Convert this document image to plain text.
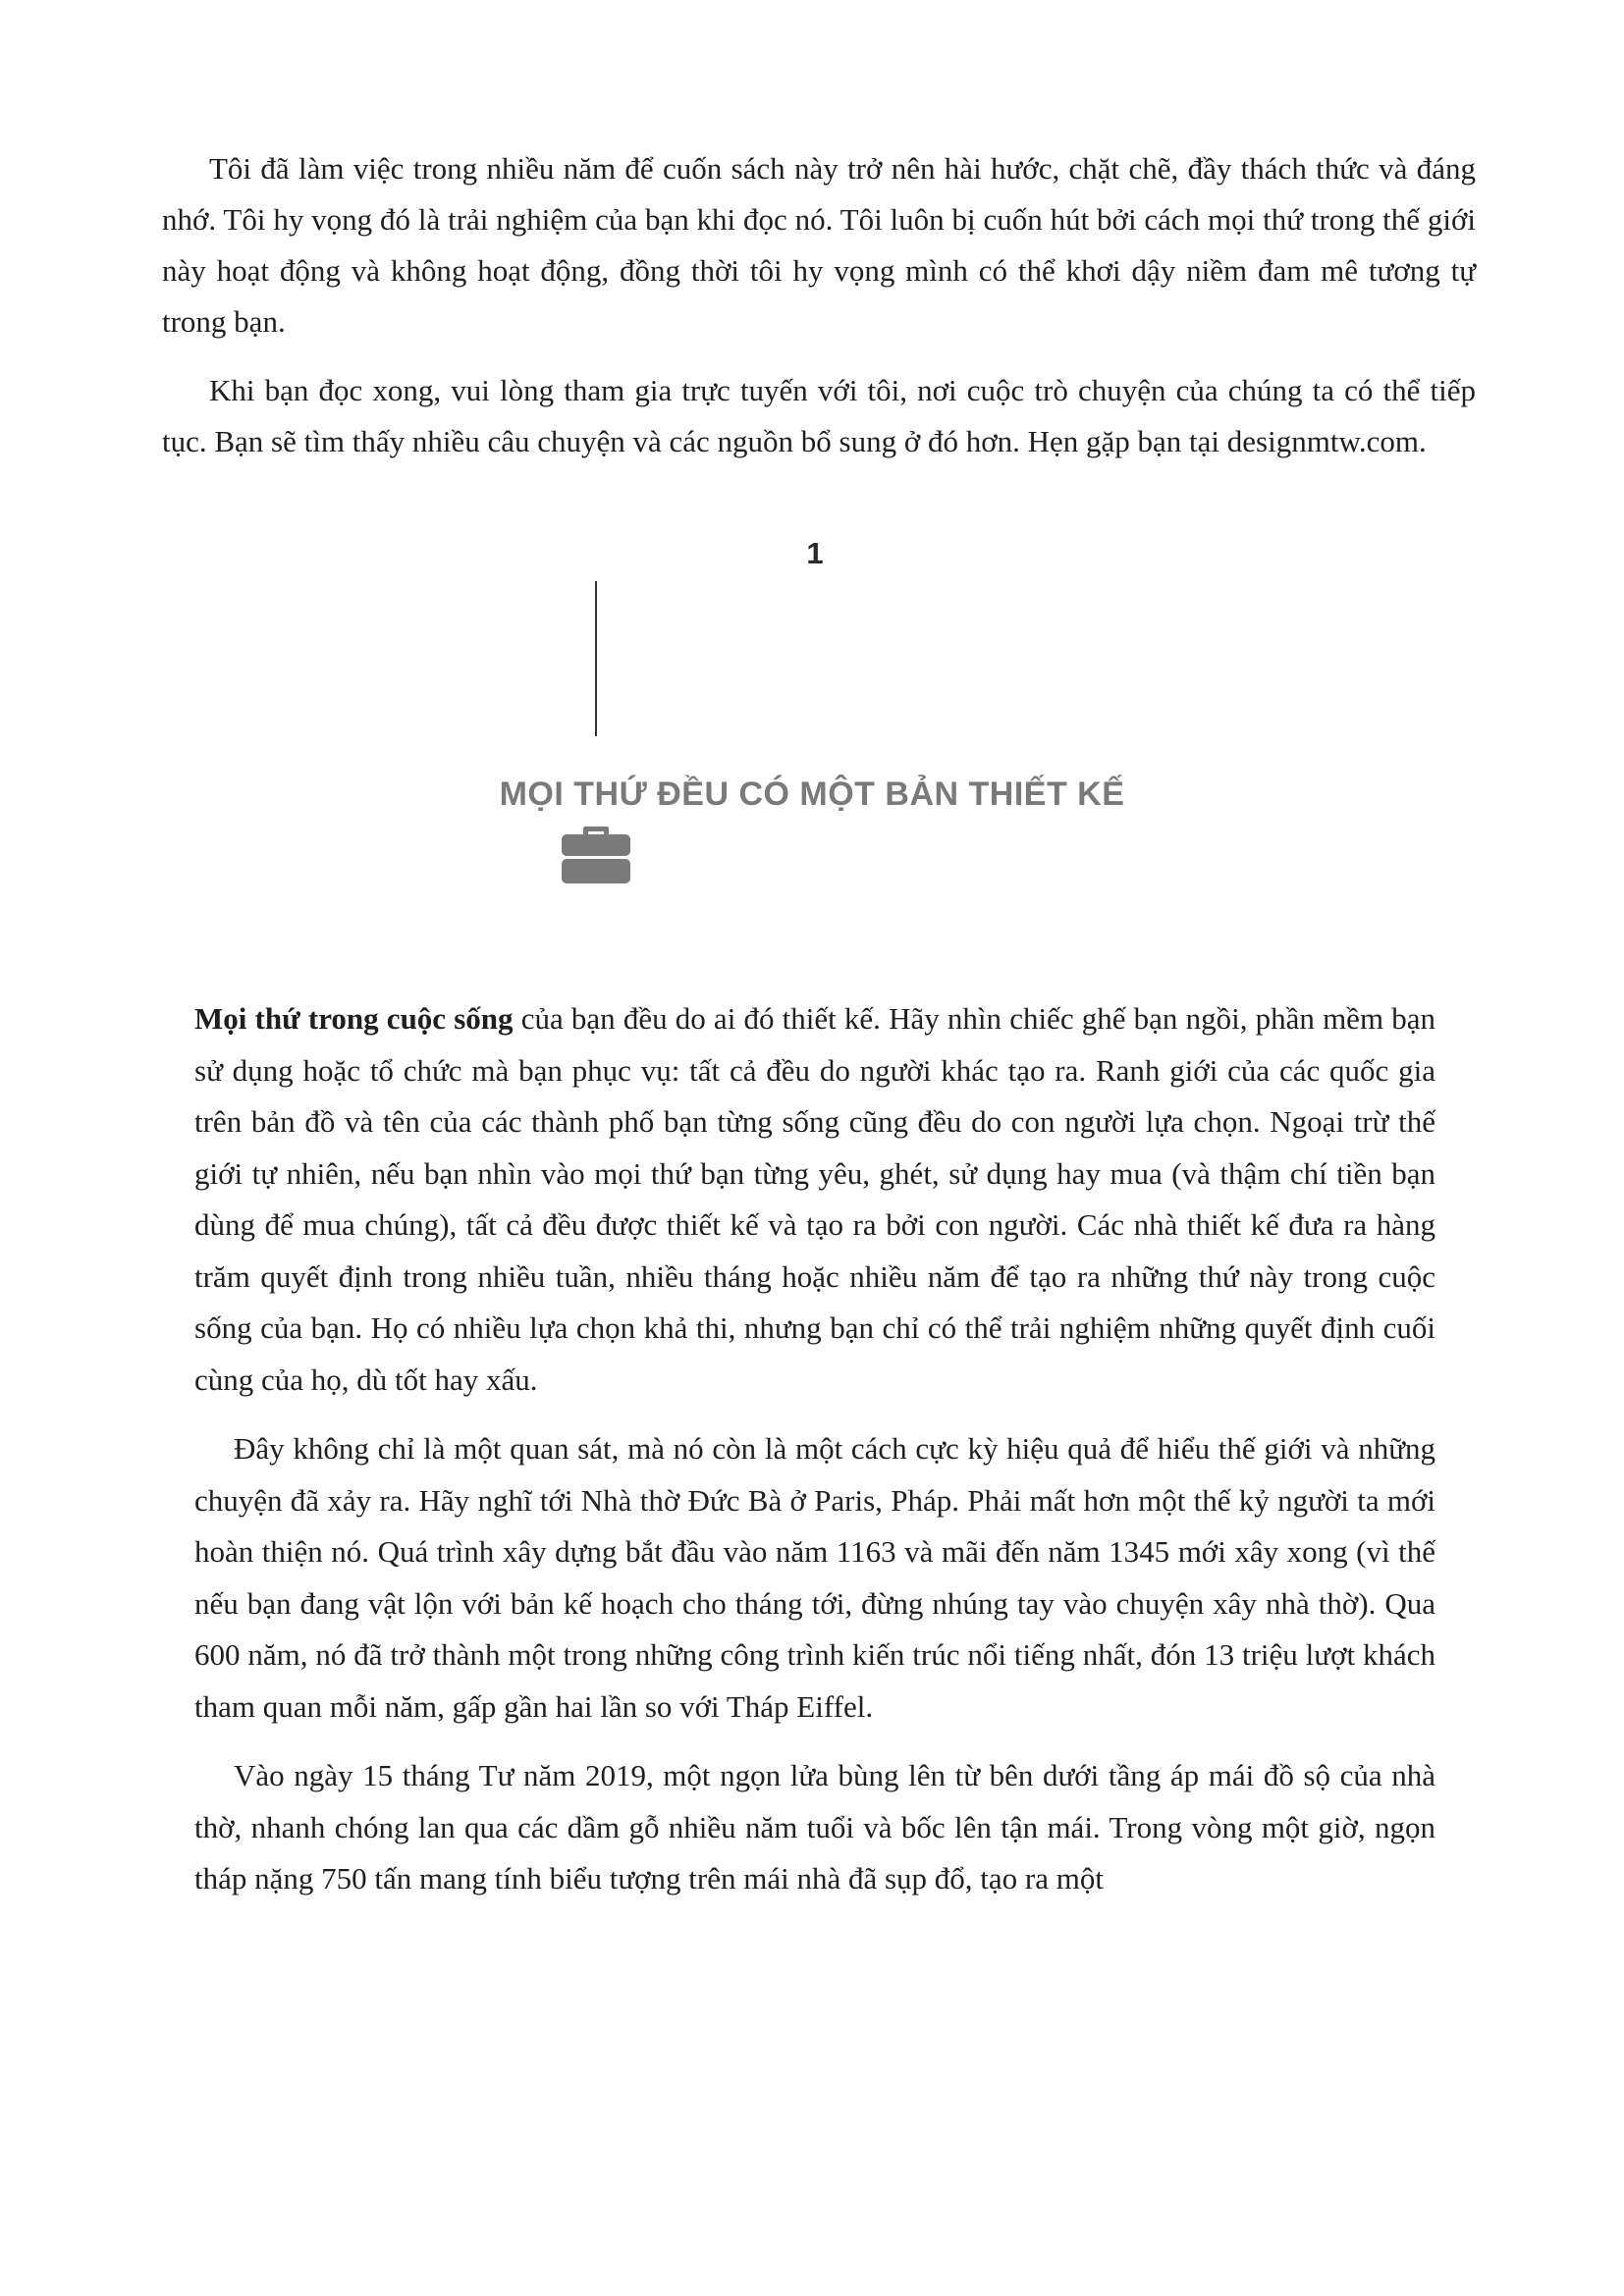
Tôi đã làm việc trong nhiều năm để cuốn sách này trở nên hài hước, chặt chẽ, đầy thách thức và đáng nhớ. Tôi hy vọng đó là trải nghiệm của bạn khi đọc nó. Tôi luôn bị cuốn hút bởi cách mọi thứ trong thế giới này hoạt động và không hoạt động, đồng thời tôi hy vọng mình có thể khơi dậy niềm đam mê tương tự trong bạn.

Khi bạn đọc xong, vui lòng tham gia trực tuyến với tôi, nơi cuộc trò chuyện của chúng ta có thể tiếp tục. Bạn sẽ tìm thấy nhiều câu chuyện và các nguồn bổ sung ở đó hơn. Hẹn gặp bạn tại designmtw.com.

1
MỌI THỨ ĐỀU CÓ MỘT BẢN THIẾT KẾ

Mọi thứ trong cuộc sống của bạn đều do ai đó thiết kế. Hãy nhìn chiếc ghế bạn ngồi, phần mềm bạn sử dụng hoặc tổ chức mà bạn phục vụ: tất cả đều do người khác tạo ra. Ranh giới của các quốc gia trên bản đồ và tên của các thành phố bạn từng sống cũng đều do con người lựa chọn. Ngoại trừ thế giới tự nhiên, nếu bạn nhìn vào mọi thứ bạn từng yêu, ghét, sử dụng hay mua (và thậm chí tiền bạn dùng để mua chúng), tất cả đều được thiết kế và tạo ra bởi con người. Các nhà thiết kế đưa ra hàng trăm quyết định trong nhiều tuần, nhiều tháng hoặc nhiều năm để tạo ra những thứ này trong cuộc sống của bạn. Họ có nhiều lựa chọn khả thi, nhưng bạn chỉ có thể trải nghiệm những quyết định cuối cùng của họ, dù tốt hay xấu.

Đây không chỉ là một quan sát, mà nó còn là một cách cực kỳ hiệu quả để hiểu thế giới và những chuyện đã xảy ra. Hãy nghĩ tới Nhà thờ Đức Bà ở Paris, Pháp. Phải mất hơn một thế kỷ người ta mới hoàn thiện nó. Quá trình xây dựng bắt đầu vào năm 1163 và mãi đến năm 1345 mới xây xong (vì thế nếu bạn đang vật lộn với bản kế hoạch cho tháng tới, đừng nhúng tay vào chuyện xây nhà thờ). Qua 600 năm, nó đã trở thành một trong những công trình kiến trúc nổi tiếng nhất, đón 13 triệu lượt khách tham quan mỗi năm, gấp gần hai lần so với Tháp Eiffel.

Vào ngày 15 tháng Tư năm 2019, một ngọn lửa bùng lên từ bên dưới tầng áp mái đồ sộ của nhà thờ, nhanh chóng lan qua các dầm gỗ nhiều năm tuổi và bốc lên tận mái. Trong vòng một giờ, ngọn tháp nặng 750 tấn mang tính biểu tượng trên mái nhà đã sụp đổ, tạo ra một
